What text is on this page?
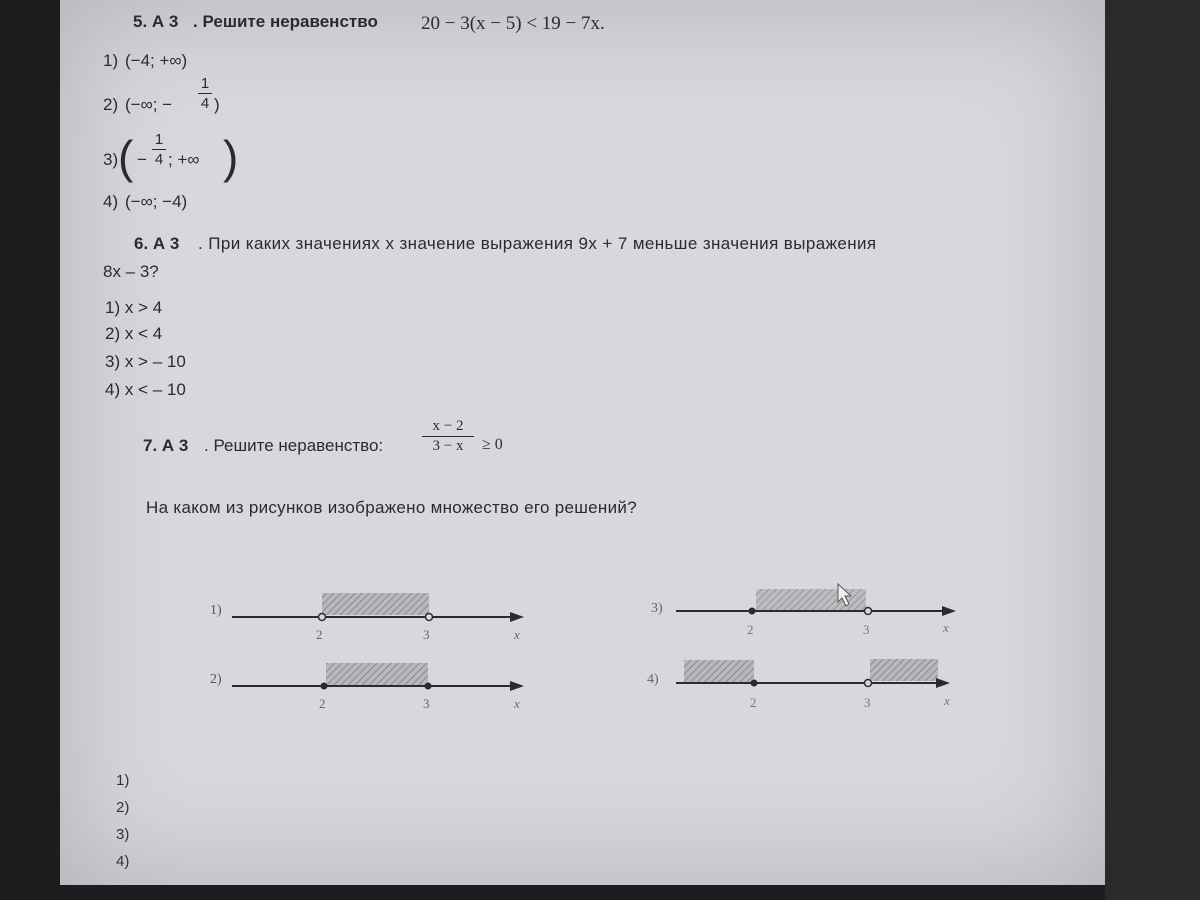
5. А 3 . Решите неравенство 20 − 3(x − 5) < 19 − 7x.
1) (−4; +∞)
2) (−∞; −
1
4 )
3) ( −
1
4 ; +∞ )
4) (−∞; −4)
6. А 3 . При каких значениях x значение выражения 9x + 7 меньше значения выражения
8x – 3?
1) x > 4
2) x < 4
3) x > – 10
4) x < – 10
7. А 3 . Решите неравенство:
x − 2
3 − x	≥ 0
На каком из рисунков изображено множество его решений?
1)
2	3	x
2)
2	3	x
3)
2	3	x
4)
2	3	x
1)
2)
3)
4)
